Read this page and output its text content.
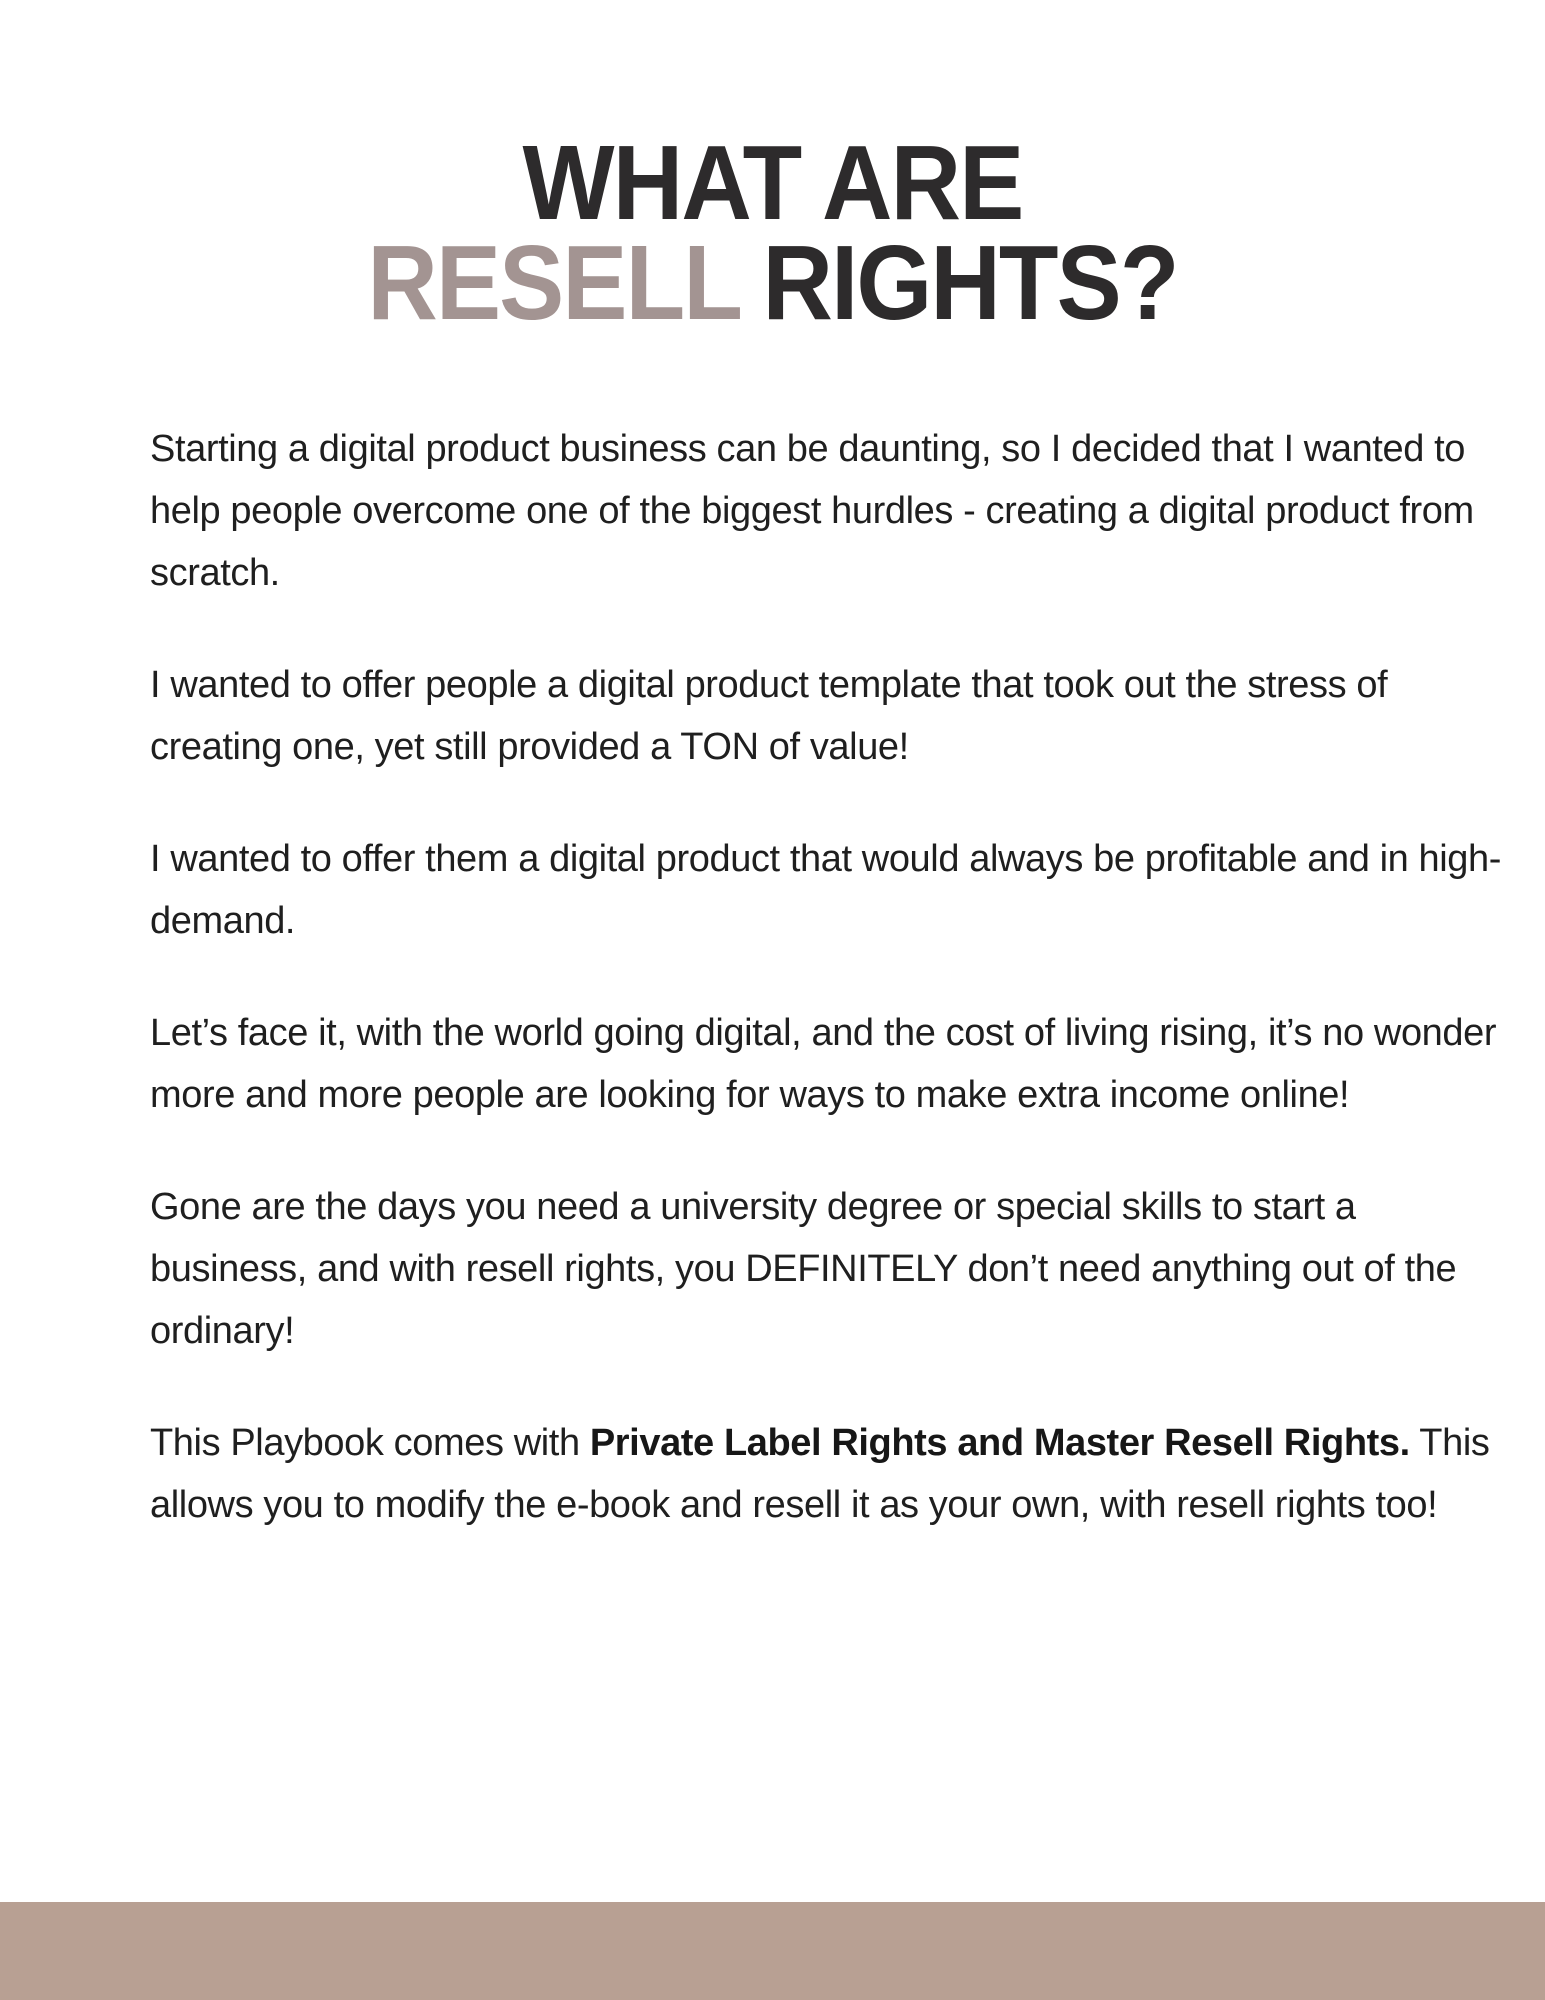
WHAT ARE
RESELL RIGHTS?

Starting a digital product business can be daunting, so I decided that I wanted to help people overcome one of the biggest hurdles - creating a digital product from scratch.

I wanted to offer people a digital product template that took out the stress of creating one, yet still provided a TON of value!

I wanted to offer them a digital product that would always be profitable and in high-demand.

Let’s face it, with the world going digital, and the cost of living rising, it’s no wonder more and more people are looking for ways to make extra income online!

Gone are the days you need a university degree or special skills to start a business, and with resell rights, you DEFINITELY don’t need anything out of the ordinary!

This Playbook comes with Private Label Rights and Master Resell Rights. This allows you to modify the e-book and resell it as your own, with resell rights too!
